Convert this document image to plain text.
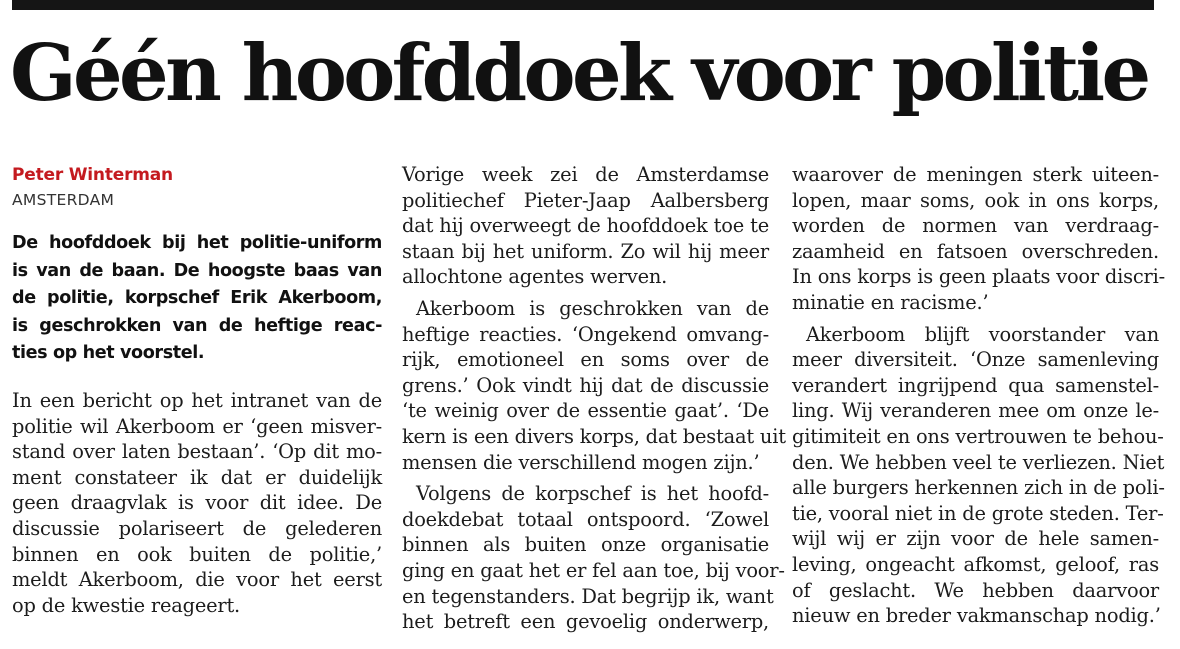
Géén hoofddoek voor politie
Peter Winterman
AMSTERDAM
De hoofddoek bij het politie-uniform
is van de baan. De hoogste baas van
de politie, korpschef Erik Akerboom,
is geschrokken van de heftige reac-
ties op het voorstel.
In een bericht op het intranet van de
politie wil Akerboom er ‘geen misver-
stand over laten bestaan’. ‘Op dit mo-
ment constateer ik dat er duidelijk
geen draagvlak is voor dit idee. De
discussie polariseert de gelederen
binnen en ook buiten de politie,’
meldt Akerboom, die voor het eerst
op de kwestie reageert.
Vorige week zei de Amsterdamse
politiechef Pieter-Jaap Aalbersberg
dat hij overweegt de hoofddoek toe te
staan bij het uniform. Zo wil hij meer
allochtone agentes werven.
Akerboom is geschrokken van de
heftige reacties. ‘Ongekend omvang-
rijk, emotioneel en soms over de
grens.’ Ook vindt hij dat de discussie
‘te weinig over de essentie gaat’. ‘De
kern is een divers korps, dat bestaat uit
mensen die verschillend mogen zijn.’
Volgens de korpschef is het hoofd-
doekdebat totaal ontspoord. ‘Zowel
binnen als buiten onze organisatie
ging en gaat het er fel aan toe, bij voor-
en tegenstanders. Dat begrijp ik, want
het betreft een gevoelig onderwerp,
waarover de meningen sterk uiteen-
lopen, maar soms, ook in ons korps,
worden de normen van verdraag-
zaamheid en fatsoen overschreden.
In ons korps is geen plaats voor discri-
minatie en racisme.’
Akerboom blijft voorstander van
meer diversiteit. ‘Onze samenleving
verandert ingrijpend qua samenstel-
ling. Wij veranderen mee om onze le-
gitimiteit en ons vertrouwen te behou-
den. We hebben veel te verliezen. Niet
alle burgers herkennen zich in de poli-
tie, vooral niet in de grote steden. Ter-
wijl wij er zijn voor de hele samen-
leving, ongeacht afkomst, geloof, ras
of geslacht. We hebben daarvoor
nieuw en breder vakmanschap nodig.’
